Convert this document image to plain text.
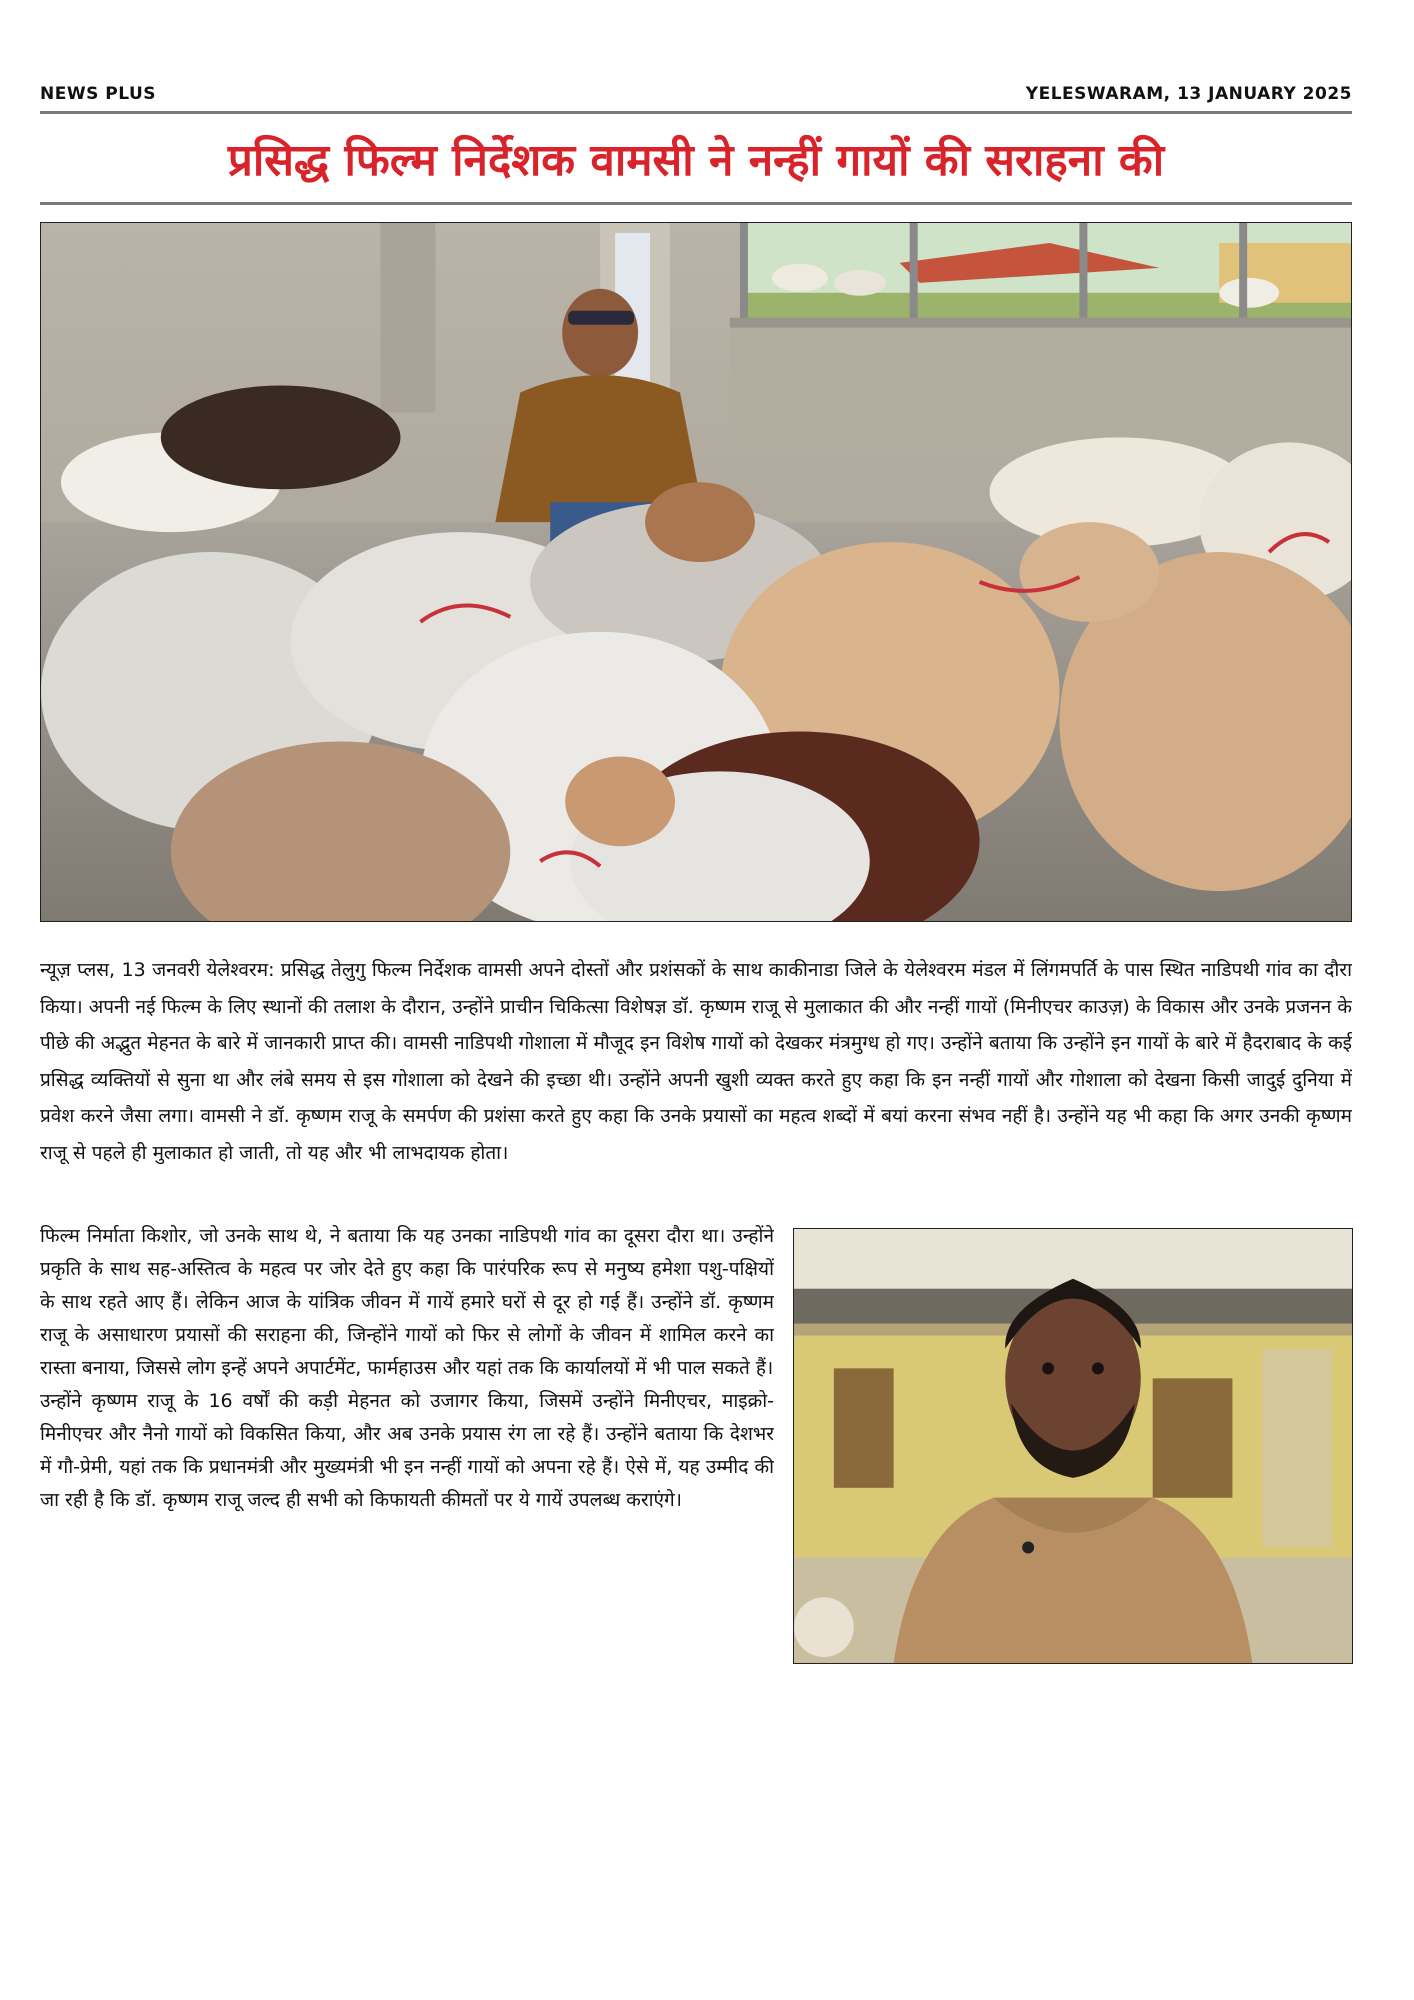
NEWS PLUS	YELESWARAM, 13 JANUARY 2025
प्रसिद्ध फिल्म निर्देशक वामसी ने नन्हीं गायों की सराहना की

न्यूज़ प्लस, 13 जनवरी येलेश्वरम: प्रसिद्ध तेलुगु फिल्म निर्देशक वामसी अपने दोस्तों और प्रशंसकों के साथ काकीनाडा जिले के येलेश्वरम मंडल में लिंगमपर्ति के पास स्थित नाडिपथी गांव का दौरा किया। अपनी नई फिल्म के लिए स्थानों की तलाश के दौरान, उन्होंने प्राचीन चिकित्सा विशेषज्ञ डॉ. कृष्णम राजू से मुलाकात की और नन्हीं गायों (मिनीएचर काउज़) के विकास और उनके प्रजनन के पीछे की अद्भुत मेहनत के बारे में जानकारी प्राप्त की। वामसी नाडिपथी गोशाला में मौजूद इन विशेष गायों को देखकर मंत्रमुग्ध हो गए। उन्होंने बताया कि उन्होंने इन गायों के बारे में हैदराबाद के कई प्रसिद्ध व्यक्तियों से सुना था और लंबे समय से इस गोशाला को देखने की इच्छा थी। उन्होंने अपनी खुशी व्यक्त करते हुए कहा कि इन नन्हीं गायों और गोशाला को देखना किसी जादुई दुनिया में प्रवेश करने जैसा लगा। वामसी ने डॉ. कृष्णम राजू के समर्पण की प्रशंसा करते हुए कहा कि उनके प्रयासों का महत्व शब्दों में बयां करना संभव नहीं है। उन्होंने यह भी कहा कि अगर उनकी कृष्णम राजू से पहले ही मुलाकात हो जाती, तो यह और भी लाभदायक होता।

फिल्म निर्माता किशोर, जो उनके साथ थे, ने बताया कि यह उनका नाडिपथी गांव का दूसरा दौरा था। उन्होंने प्रकृति के साथ सह-अस्तित्व के महत्व पर जोर देते हुए कहा कि पारंपरिक रूप से मनुष्य हमेशा पशु-पक्षियों के साथ रहते आए हैं। लेकिन आज के यांत्रिक जीवन में गायें हमारे घरों से दूर हो गई हैं। उन्होंने डॉ. कृष्णम राजू के असाधारण प्रयासों की सराहना की, जिन्होंने गायों को फिर से लोगों के जीवन में शामिल करने का रास्ता बनाया, जिससे लोग इन्हें अपने अपार्टमेंट, फार्महाउस और यहां तक कि कार्यालयों में भी पाल सकते हैं।

उन्होंने कृष्णम राजू के 16 वर्षों की कड़ी मेहनत को उजागर किया, जिसमें उन्होंने मिनीएचर, माइक्रो-मिनीएचर और नैनो गायों को विकसित किया, और अब उनके प्रयास रंग ला रहे हैं। उन्होंने बताया कि देशभर में गौ-प्रेमी, यहां तक कि प्रधानमंत्री और मुख्यमंत्री भी इन नन्हीं गायों को अपना रहे हैं। ऐसे में, यह उम्मीद की जा रही है कि डॉ. कृष्णम राजू जल्द ही सभी को किफायती कीमतों पर ये गायें उपलब्ध कराएंगे।
